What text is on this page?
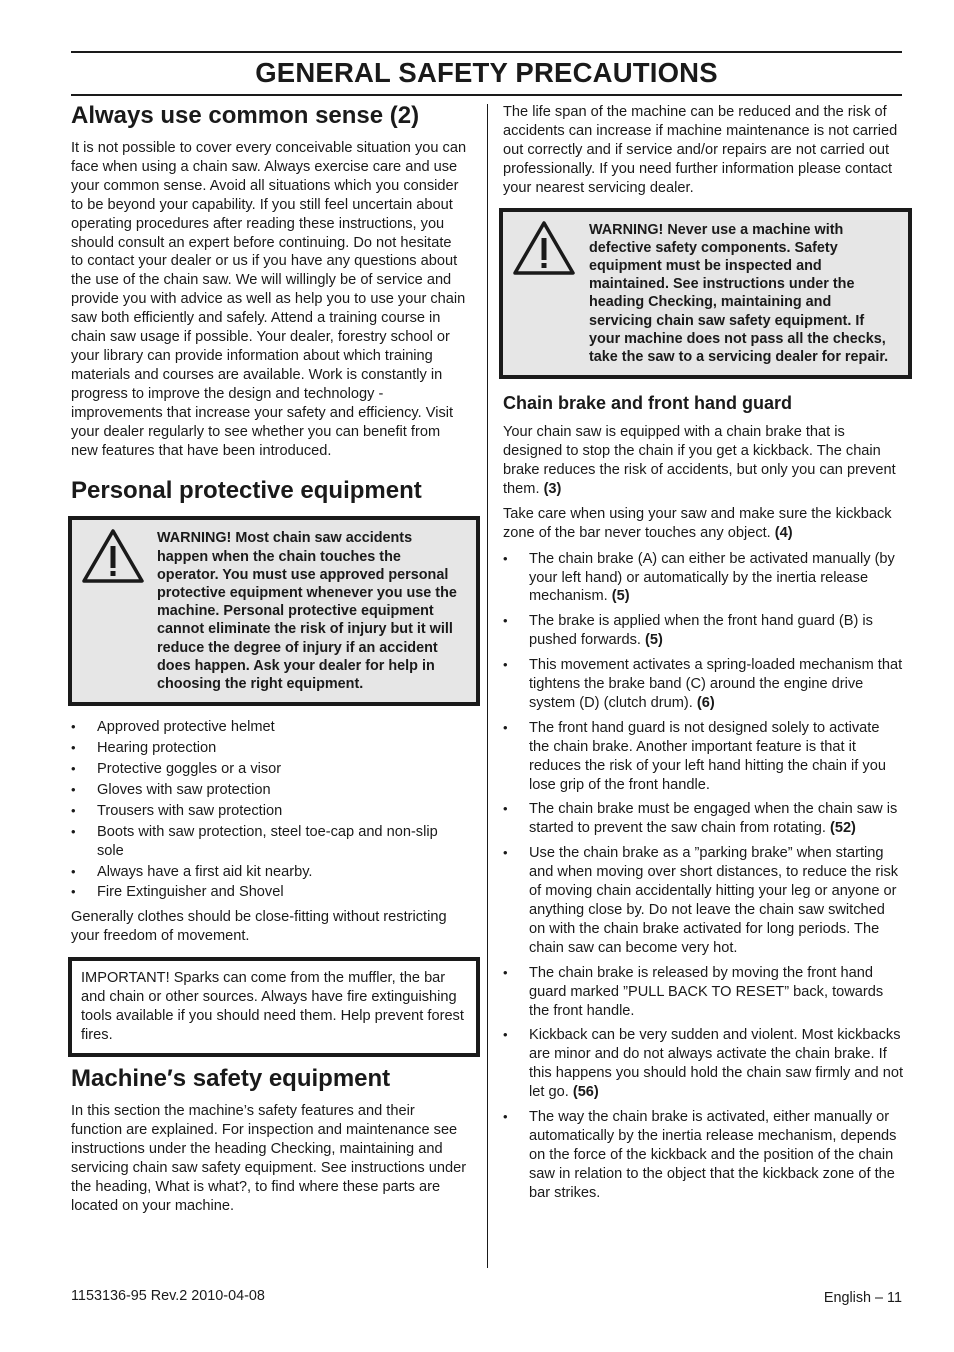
GENERAL SAFETY PRECAUTIONS
Always use common sense (2)

It is not possible to cover every conceivable situation you can face when using a chain saw. Always exercise care and use your common sense. Avoid all situations which you consider to be beyond your capability. If you still feel uncertain about operating procedures after reading these instructions, you should consult an expert before continuing. Do not hesitate to contact your dealer or us if you have any questions about the use of the chain saw. We will willingly be of service and provide you with advice as well as help you to use your chain saw both efficiently and safely. Attend a training course in chain saw usage if possible. Your dealer, forestry school or your library can provide information about which training materials and courses are available. Work is constantly in progress to improve the design and technology - improvements that increase your safety and efficiency. Visit your dealer regularly to see whether you can benefit from new features that have been introduced.

Personal protective equipment

WARNING! Most chain saw accidents happen when the chain touches the operator. You must use approved personal protective equipment whenever you use the machine. Personal protective equipment cannot eliminate the risk of injury but it will reduce the degree of injury if an accident does happen. Ask your dealer for help in choosing the right equipment.

• Approved protective helmet
• Hearing protection
• Protective goggles or a visor
• Gloves with saw protection
• Trousers with saw protection
• Boots with saw protection, steel toe-cap and non-slip sole
• Always have a first aid kit nearby.
• Fire Extinguisher and Shovel

Generally clothes should be close-fitting without restricting your freedom of movement.

IMPORTANT! Sparks can come from the muffler, the bar and chain or other sources. Always have fire extinguishing tools available if you should need them. Help prevent forest fires.

Machine′s safety equipment

In this section the machine’s safety features and their function are explained. For inspection and maintenance see instructions under the heading Checking, maintaining and servicing chain saw safety equipment. See instructions under the heading, What is what?, to find where these parts are located on your machine.

The life span of the machine can be reduced and the risk of accidents can increase if machine maintenance is not carried out correctly and if service and/or repairs are not carried out professionally. If you need further information please contact your nearest servicing dealer.

WARNING! Never use a machine with defective safety components. Safety equipment must be inspected and maintained. See instructions under the heading Checking, maintaining and servicing chain saw safety equipment. If your machine does not pass all the checks, take the saw to a servicing dealer for repair.

Chain brake and front hand guard

Your chain saw is equipped with a chain brake that is designed to stop the chain if you get a kickback. The chain brake reduces the risk of accidents, but only you can prevent them. (3)

Take care when using your saw and make sure the kickback zone of the bar never touches any object. (4)

• The chain brake (A) can either be activated manually (by your left hand) or automatically by the inertia release mechanism. (5)
• The brake is applied when the front hand guard (B) is pushed forwards. (5)
• This movement activates a spring-loaded mechanism that tightens the brake band (C) around the engine drive system (D) (clutch drum). (6)
• The front hand guard is not designed solely to activate the chain brake. Another important feature is that it reduces the risk of your left hand hitting the chain if you lose grip of the front handle.
• The chain brake must be engaged when the chain saw is started to prevent the saw chain from rotating. (52)
• Use the chain brake as a ”parking brake” when starting and when moving over short distances, to reduce the risk of moving chain accidentally hitting your leg or anyone or anything close by. Do not leave the chain saw switched on with the chain brake activated for long periods. The chain saw can become very hot.
• The chain brake is released by moving the front hand guard marked ”PULL BACK TO RESET” back, towards the front handle.
• Kickback can be very sudden and violent. Most kickbacks are minor and do not always activate the chain brake. If this happens you should hold the chain saw firmly and not let go. (56)
• The way the chain brake is activated, either manually or automatically by the inertia release mechanism, depends on the force of the kickback and the position of the chain saw in relation to the object that the kickback zone of the bar strikes.
1153136-95 Rev.2 2010-04-08	English – 11
